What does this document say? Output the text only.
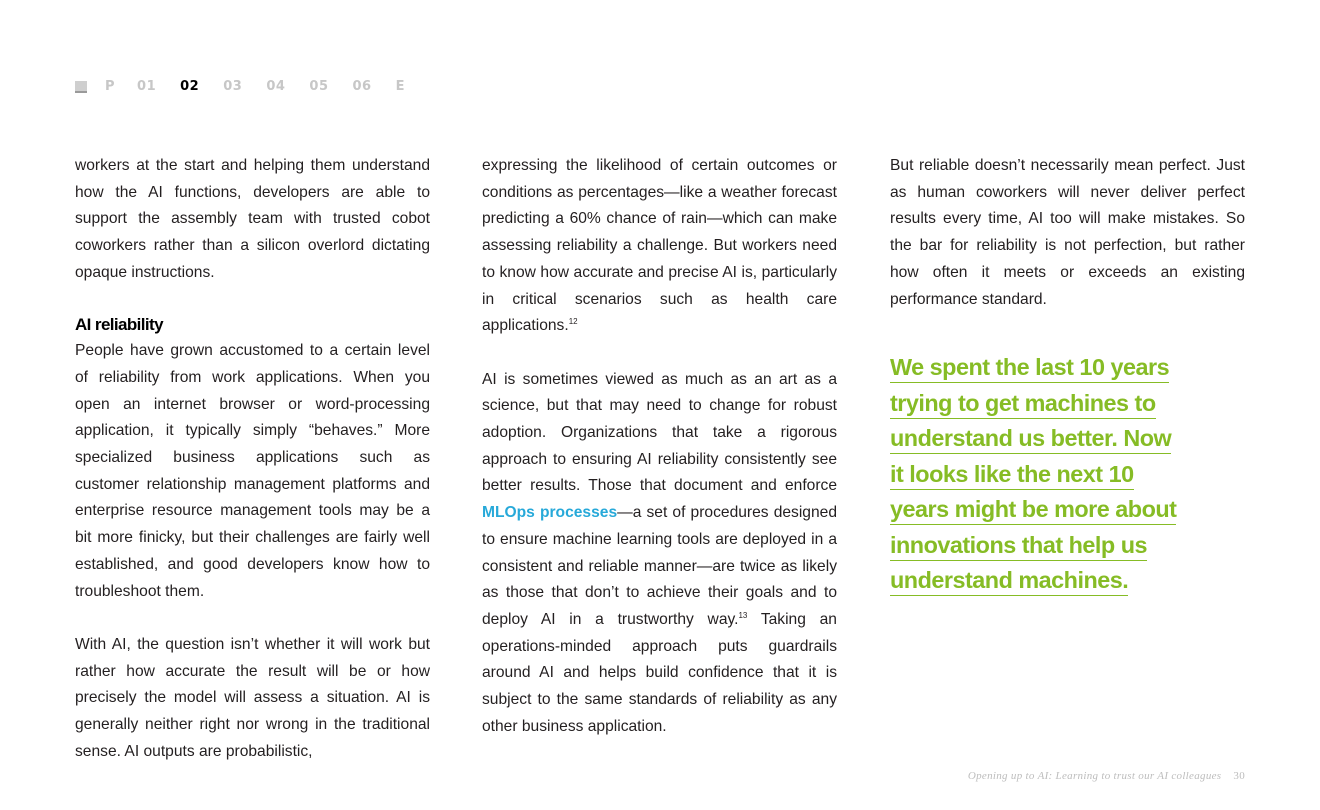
P 01 02 03 04 05 06 E

workers at the start and helping them understand how the AI functions, developers are able to support the assembly team with trusted cobot coworkers rather than a silicon overlord dictating opaque instructions.

AI reliability

People have grown accustomed to a certain level of reliability from work applications. When you open an internet browser or word-processing application, it typically simply “behaves.” More specialized business applications such as customer relationship management platforms and enterprise resource management tools may be a bit more finicky, but their challenges are fairly well established, and good developers know how to troubleshoot them.

With AI, the question isn’t whether it will work but rather how accurate the result will be or how precisely the model will assess a situation. AI is generally neither right nor wrong in the traditional sense. AI outputs are probabilistic,

expressing the likelihood of certain outcomes or conditions as percentages—like a weather forecast predicting a 60% chance of rain—which can make assessing reliability a challenge. But workers need to know how accurate and precise AI is, particularly in critical scenarios such as health care applications.$^{12}$

AI is sometimes viewed as much as an art as a science, but that may need to change for robust adoption. Organizations that take a rigorous approach to ensuring AI reliability consistently see better results. Those that document and enforce MLOps processes—a set of procedures designed to ensure machine learning tools are deployed in a consistent and reliable manner—are twice as likely as those that don’t to achieve their goals and to deploy AI in a trustworthy way.$^{13}$ Taking an operations-minded approach puts guardrails around AI and helps build confidence that it is subject to the same standards of reliability as any other business application.

But reliable doesn’t necessarily mean perfect. Just as human coworkers will never deliver perfect results every time, AI too will make mistakes. So the bar for reliability is not perfection, but rather how often it meets or exceeds an existing performance standard.

We spent the last 10 years
trying to get machines to
understand us better. Now
it looks like the next 10
years might be more about
innovations that help us
understand machines.
Opening up to AI: Learning to trust our AI colleagues 30
